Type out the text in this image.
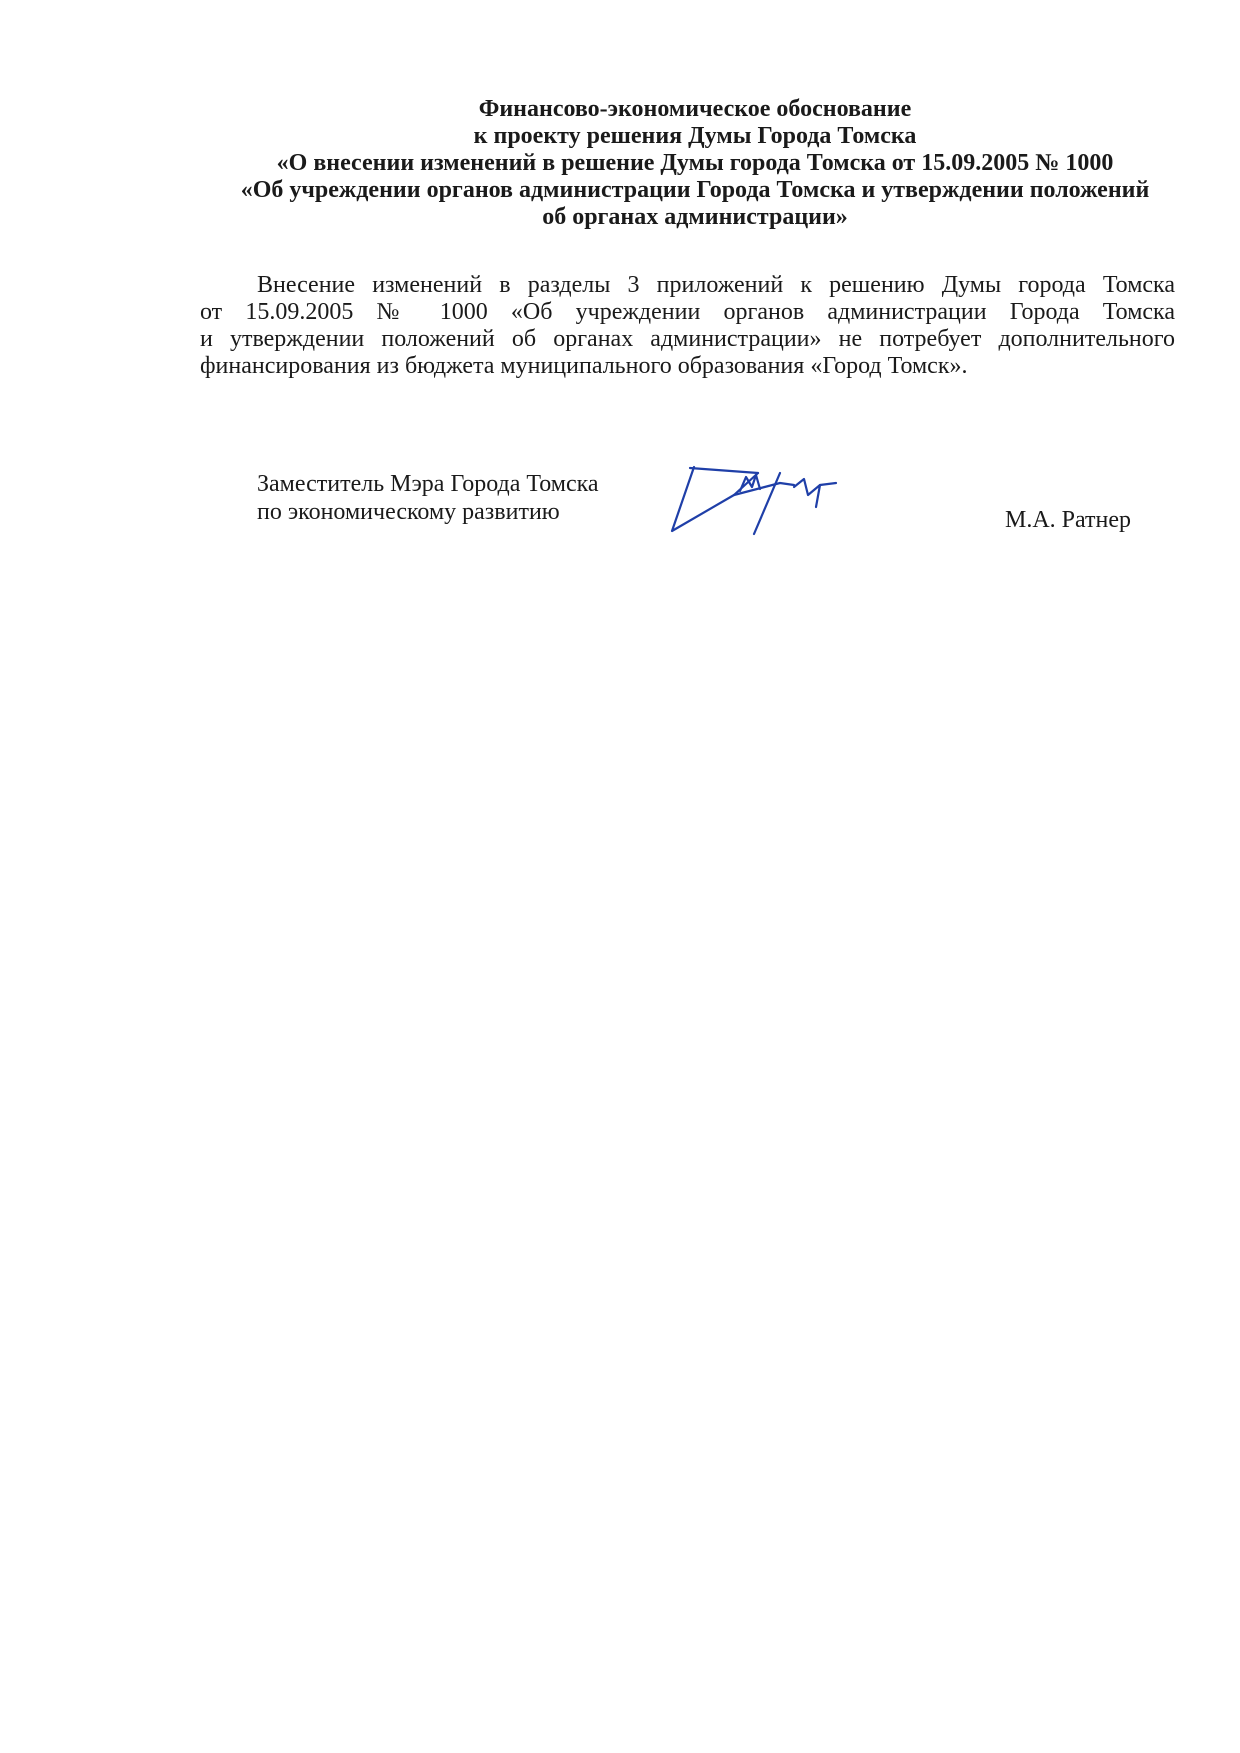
Финансово-экономическое обоснование
к проекту решения Думы Города Томска
«О внесении изменений в решение Думы города Томска от 15.09.2005 № 1000
«Об учреждении органов администрации Города Томска и утверждении положений
об органах администрации»
Внесение изменений в разделы 3 приложений к решению Думы города Томска
от 15.09.2005 № 1000 «Об учреждении органов администрации Города Томска
и утверждении положений об органах администрации» не потребует дополнительного
финансирования из бюджета муниципального образования «Город Томск».
Заместитель Мэра Города Томска
по экономическому развитию	М.А. Ратнер
